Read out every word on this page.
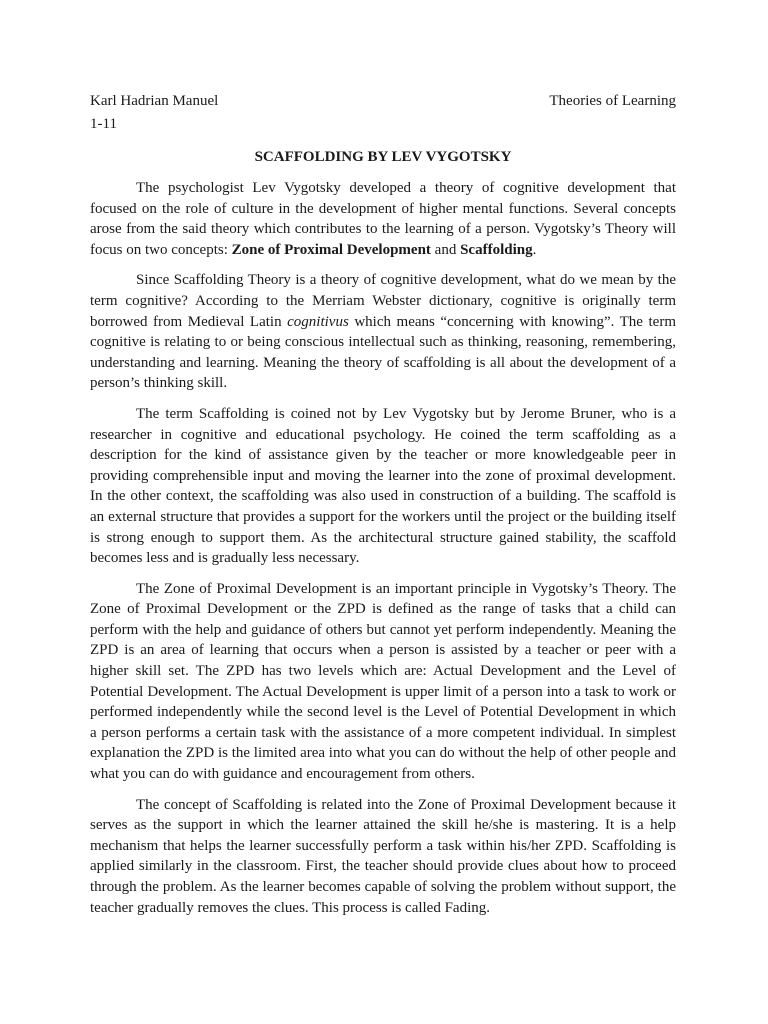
Karl Hadrian Manuel	Theories of Learning
1-11
SCAFFOLDING BY LEV VYGOTSKY

The psychologist Lev Vygotsky developed a theory of cognitive development that focused on the role of culture in the development of higher mental functions. Several concepts arose from the said theory which contributes to the learning of a person. Vygotsky’s Theory will focus on two concepts: Zone of Proximal Development and Scaffolding.

Since Scaffolding Theory is a theory of cognitive development, what do we mean by the term cognitive? According to the Merriam Webster dictionary, cognitive is originally term borrowed from Medieval Latin cognitivus which means “concerning with knowing”. The term cognitive is relating to or being conscious intellectual such as thinking, reasoning, remembering, understanding and learning. Meaning the theory of scaffolding is all about the development of a person’s thinking skill.

The term Scaffolding is coined not by Lev Vygotsky but by Jerome Bruner, who is a researcher in cognitive and educational psychology. He coined the term scaffolding as a description for the kind of assistance given by the teacher or more knowledgeable peer in providing comprehensible input and moving the learner into the zone of proximal development. In the other context, the scaffolding was also used in construction of a building. The scaffold is an external structure that provides a support for the workers until the project or the building itself is strong enough to support them. As the architectural structure gained stability, the scaffold becomes less and is gradually less necessary.

The Zone of Proximal Development is an important principle in Vygotsky’s Theory. The Zone of Proximal Development or the ZPD is defined as the range of tasks that a child can perform with the help and guidance of others but cannot yet perform independently. Meaning the ZPD is an area of learning that occurs when a person is assisted by a teacher or peer with a higher skill set. The ZPD has two levels which are: Actual Development and the Level of Potential Development. The Actual Development is upper limit of a person into a task to work or performed independently while the second level is the Level of Potential Development in which a person performs a certain task with the assistance of a more competent individual. In simplest explanation the ZPD is the limited area into what you can do without the help of other people and what you can do with guidance and encouragement from others.

The concept of Scaffolding is related into the Zone of Proximal Development because it serves as the support in which the learner attained the skill he/she is mastering. It is a help mechanism that helps the learner successfully perform a task within his/her ZPD. Scaffolding is applied similarly in the classroom. First, the teacher should provide clues about how to proceed through the problem. As the learner becomes capable of solving the problem without support, the teacher gradually removes the clues. This process is called Fading.
